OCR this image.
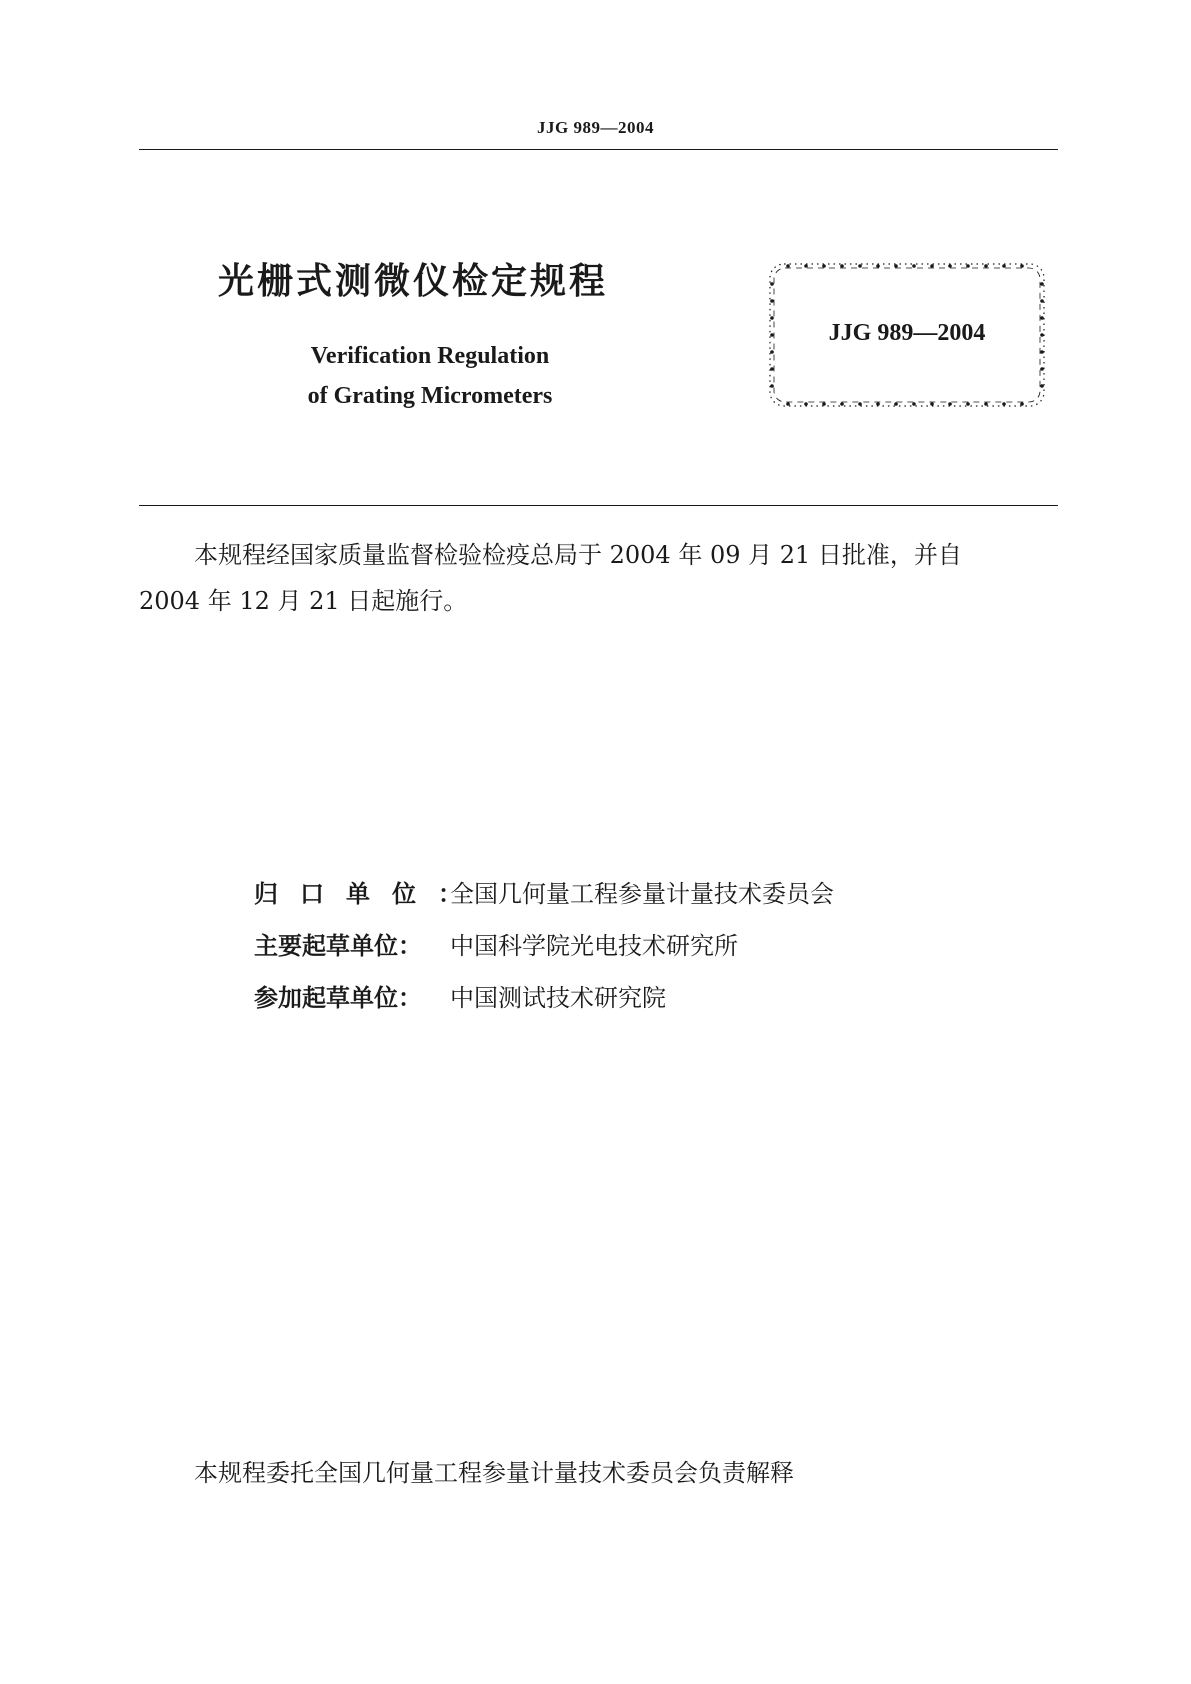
JJG 989—2004
光栅式测微仪检定规程
Verification Regulation
of Grating Micrometers
JJG 989—2004
本规程经国家质量监督检验检疫总局于 2004 年 09 月 21 日批准，并自
2004 年 12 月 21 日起施行。
归口单位：全国几何量工程参量计量技术委员会
主要起草单位： 中国科学院光电技术研究所
参加起草单位： 中国测试技术研究院
本规程委托全国几何量工程参量计量技术委员会负责解释
